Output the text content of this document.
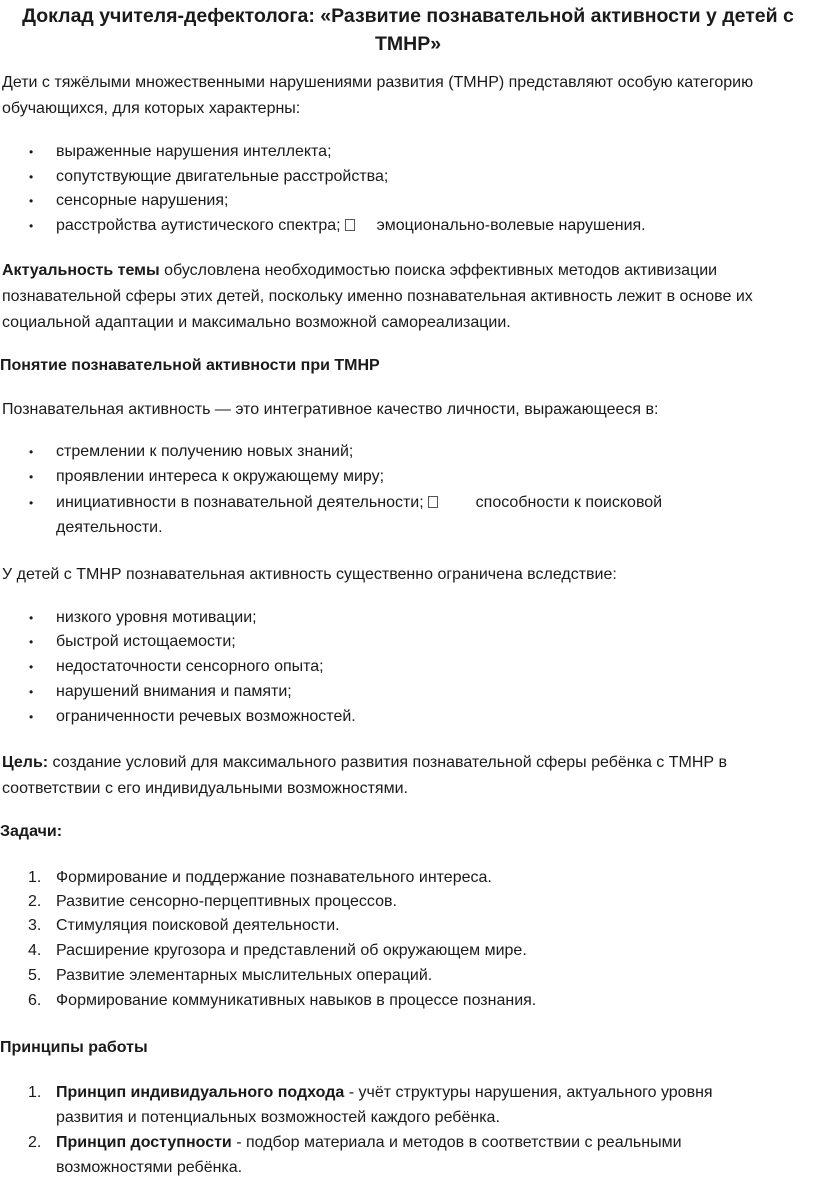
Доклад учителя-дефектолога: «Развитие познавательной активности у детей с ТМНР»
Дети с тяжёлыми множественными нарушениями развития (ТМНР) представляют особую категорию обучающихся, для которых характерны:
• выраженные нарушения интеллекта;
• сопутствующие двигательные расстройства;
• сенсорные нарушения;
• расстройства аутистического спектра; эмоционально-волевые нарушения.
Актуальность темы обусловлена необходимостью поиска эффективных методов активизации познавательной сферы этих детей, поскольку именно познавательная активность лежит в основе их социальной адаптации и максимально возможной самореализации.
Понятие познавательной активности при ТМНР
Познавательная активность — это интегративное качество личности, выражающееся в:
• стремлении к получению новых знаний;
• проявлении интереса к окружающему миру;
• инициативности в познавательной деятельности;	способности к поисковой
деятельности.
У детей с ТМНР познавательная активность существенно ограничена вследствие:
• низкого уровня мотивации;
• быстрой истощаемости;
• недостаточности сенсорного опыта;
• нарушений внимания и памяти;
• ограниченности речевых возможностей.
Цель: создание условий для максимального развития познавательной сферы ребёнка с ТМНР в соответствии с его индивидуальными возможностями.
Задачи:
1. Формирование и поддержание познавательного интереса.
2. Развитие сенсорно-перцептивных процессов.
3. Стимуляция поисковой деятельности.
4. Расширение кругозора и представлений об окружающем мире.
5. Развитие элементарных мыслительных операций.
6. Формирование коммуникативных навыков в процессе познания.
Принципы работы
1. Принцип индивидуального подхода - учёт структуры нарушения, актуального уровня
развития и потенциальных возможностей каждого ребёнка.
2. Принцип доступности - подбор материала и методов в соответствии с реальными
возможностями ребёнка.
